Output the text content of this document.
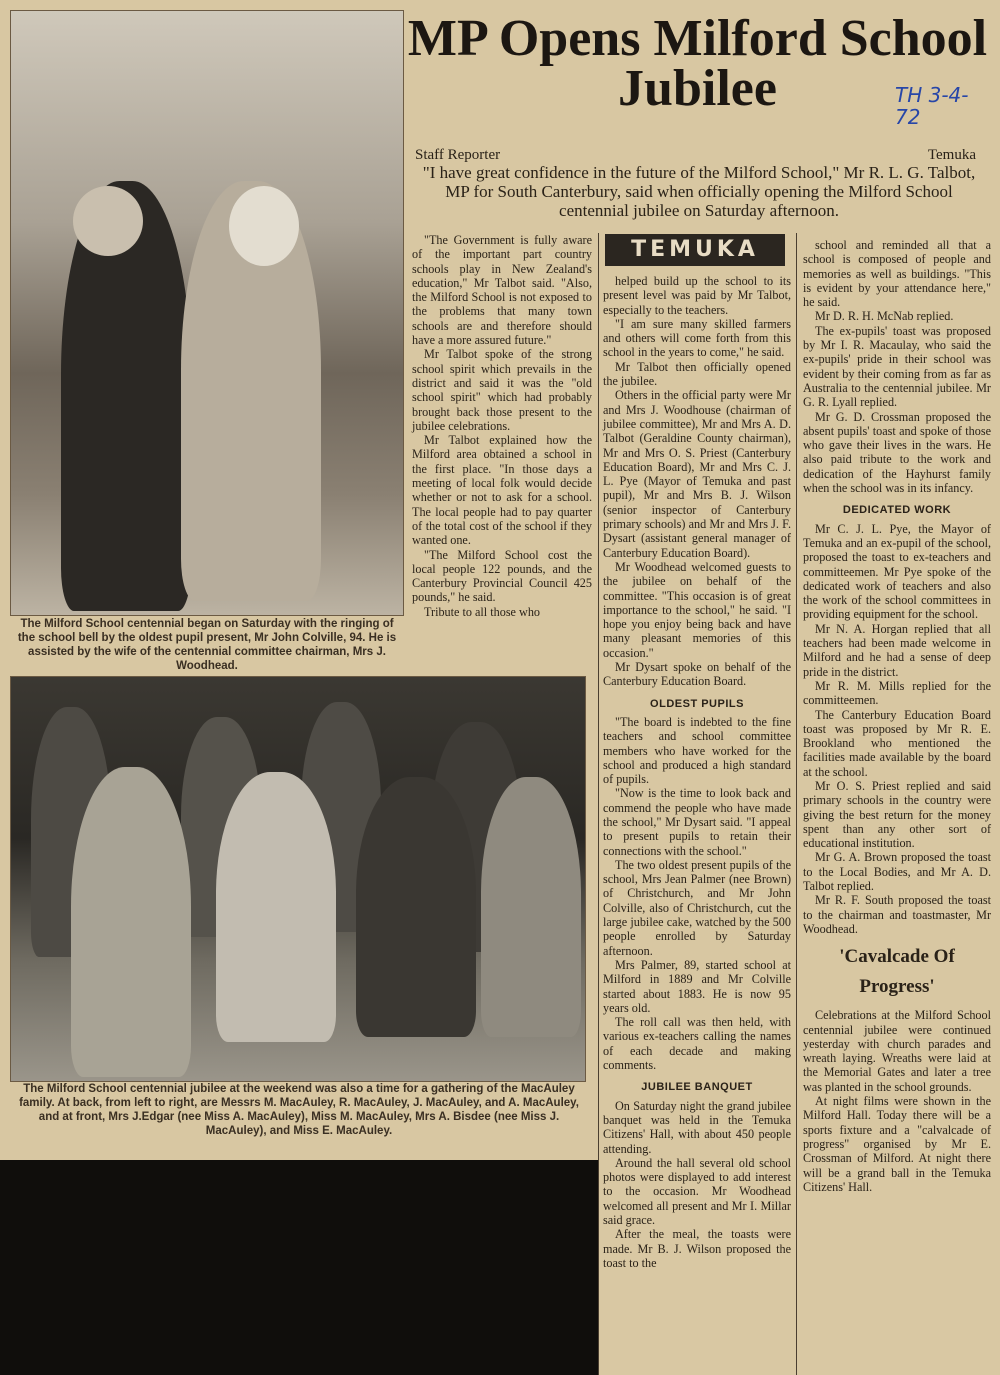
The Milford School centennial began on Saturday with the ringing of the school bell by the oldest pupil present, Mr John Colville, 94. He is assisted by the wife of the centennial committee chairman, Mrs J. Woodhead.
The Milford School centennial jubilee at the weekend was also a time for a gathering of the MacAuley family. At back, from left to right, are Messrs M. MacAuley, R. MacAuley, J. MacAuley, and A. MacAuley, and at front, Mrs J.Edgar (nee Miss A. MacAuley), Miss M. MacAuley, Mrs A. Bisdee (nee Miss J. MacAuley), and Miss E. MacAuley.
MP Opens Milford School Jubilee	TH 3-4-72
Staff Reporter	Temuka
"I have great confidence in the future of the Milford School," Mr R. L. G. Talbot, MP for South Canterbury, said when officially opening the Milford School centennial jubilee on Saturday afternoon.
TEMUKA

"The Government is fully aware of the important part country schools play in New Zealand's education," Mr Talbot said. "Also, the Milford School is not exposed to the problems that many town schools are and therefore should have a more assured future."

Mr Talbot spoke of the strong school spirit which prevails in the district and said it was the "old school spirit" which had probably brought back those present to the jubilee celebrations.

Mr Talbot explained how the Milford area obtained a school in the first place. "In those days a meeting of local folk would decide whether or not to ask for a school. The local people had to pay quarter of the total cost of the school if they wanted one.

"The Milford School cost the local people 122 pounds, and the Canterbury Provincial Council 425 pounds," he said.

Tribute to all those who

helped build up the school to its present level was paid by Mr Talbot, especially to the teachers.

"I am sure many skilled farmers and others will come forth from this school in the years to come," he said.

Mr Talbot then officially opened the jubilee.

Others in the official party were Mr and Mrs J. Woodhouse (chairman of jubilee committee), Mr and Mrs A. D. Talbot (Geraldine County chairman), Mr and Mrs O. S. Priest (Canterbury Education Board), Mr and Mrs C. J. L. Pye (Mayor of Temuka and past pupil), Mr and Mrs B. J. Wilson (senior inspector of Canterbury primary schools) and Mr and Mrs J. F. Dysart (assistant general manager of Canterbury Education Board).

Mr Woodhead welcomed guests to the jubilee on behalf of the committee. "This occasion is of great importance to the school," he said. "I hope you enjoy being back and have many pleasant memories of this occasion."

Mr Dysart spoke on behalf of the Canterbury Education Board.

OLDEST PUPILS

"The board is indebted to the fine teachers and school committee members who have worked for the school and produced a high standard of pupils.

"Now is the time to look back and commend the people who have made the school," Mr Dysart said. "I appeal to present pupils to retain their connections with the school."

The two oldest present pupils of the school, Mrs Jean Palmer (nee Brown) of Christchurch, and Mr John Colville, also of Christchurch, cut the large jubilee cake, watched by the 500 people enrolled by Saturday afternoon.

Mrs Palmer, 89, started school at Milford in 1889 and Mr Colville started about 1883. He is now 95 years old.

The roll call was then held, with various ex-teachers calling the names of each decade and making comments.

JUBILEE BANQUET

On Saturday night the grand jubilee banquet was held in the Temuka Citizens' Hall, with about 450 people attending.

Around the hall several old school photos were displayed to add interest to the occasion. Mr Woodhead welcomed all present and Mr I. Millar said grace.

After the meal, the toasts were made. Mr B. J. Wilson proposed the toast to the

school and reminded all that a school is composed of people and memories as well as buildings. "This is evident by your attendance here," he said.

Mr D. R. H. McNab replied.

The ex-pupils' toast was proposed by Mr I. R. Macaulay, who said the ex-pupils' pride in their school was evident by their coming from as far as Australia to the centennial jubilee. Mr G. R. Lyall replied.

Mr G. D. Crossman proposed the absent pupils' toast and spoke of those who gave their lives in the wars. He also paid tribute to the work and dedication of the Hayhurst family when the school was in its infancy.

DEDICATED WORK

Mr C. J. L. Pye, the Mayor of Temuka and an ex-pupil of the school, proposed the toast to ex-teachers and committeemen. Mr Pye spoke of the dedicated work of teachers and also the work of the school committees in providing equipment for the school.

Mr N. A. Horgan replied that all teachers had been made welcome in Milford and he had a sense of deep pride in the district.

Mr R. M. Mills replied for the committeemen.

The Canterbury Education Board toast was proposed by Mr R. E. Brookland who mentioned the facilities made available by the board at the school.

Mr O. S. Priest replied and said primary schools in the country were giving the best return for the money spent than any other sort of educational institution.

Mr G. A. Brown proposed the toast to the Local Bodies, and Mr A. D. Talbot replied.

Mr R. F. South proposed the toast to the chairman and toastmaster, Mr Woodhead.

'Cavalcade Of Progress'

Celebrations at the Milford School centennial jubilee were continued yesterday with church parades and wreath laying. Wreaths were laid at the Memorial Gates and later a tree was planted in the school grounds.

At night films were shown in the Milford Hall. Today there will be a sports fixture and a "calvalcade of progress" organised by Mr E. Crossman of Milford. At night there will be a grand ball in the Temuka Citizens' Hall.
